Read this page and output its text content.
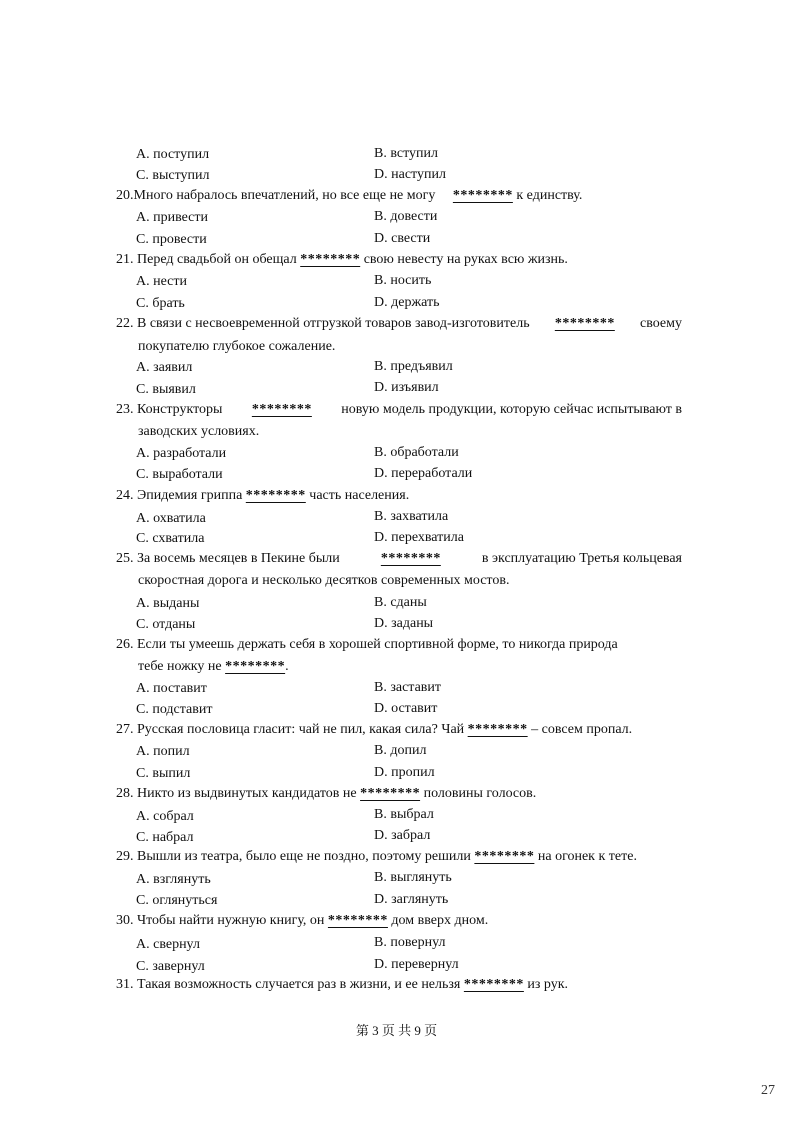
А. поступил	B. вступил
С. выступил	D. наступил
20.Много набралось впечатлений, но все еще не могу ******** к единству.
А. привести	B. довести
С. провести	D. свести
21. Перед свадьбой он обещал ******** свою невесту на руках всю жизнь.
А. нести	B. носить
С. брать	D. держать
22. В связи с несвоевременной отгрузкой товаров завод-изготовитель ******** своему
покупателю глубокое сожаление.
А. заявил	B. предъявил
С. выявил	D. изъявил
23. Конструкторы ******** новую модель продукции, которую сейчас испытывают в
заводских условиях.
А. разработали	B. обработали
С. выработали	D. переработали
24. Эпидемия гриппа ******** часть населения.
А. охватила	B. захватила
С. схватила	D. перехватила
25. За восемь месяцев в Пекине были	********	в эксплуатацию Третья кольцевая
скоростная дорога и несколько десятков современных мостов.
А. выданы	B. сданы
С. отданы	D. заданы
26. Если ты умеешь держать себя в хорошей спортивной форме, то никогда природа
тебе ножку не ********.
А. поставит	B. заставит
С. подставит	D. оставит
27. Русская пословица гласит: чай не пил, какая сила? Чай ******** – совсем пропал.
А. попил	B. допил
С. выпил	D. пропил
28. Никто из выдвинутых кандидатов не ******** половины голосов.
А. собрал	B. выбрал
С. набрал	D. забрал
29. Вышли из театра, было еще не поздно, поэтому решили ******** на огонек к тете.
А. взглянуть	B. выглянуть
С. оглянуться	D. заглянуть
30. Чтобы найти нужную книгу, он ******** дом вверх дном.
А. свернул	B. повернул
С. завернул	D. перевернул
31. Такая возможность случается раз в жизни, и ее нельзя ******** из рук.
第 3 页 共 9 页
27
